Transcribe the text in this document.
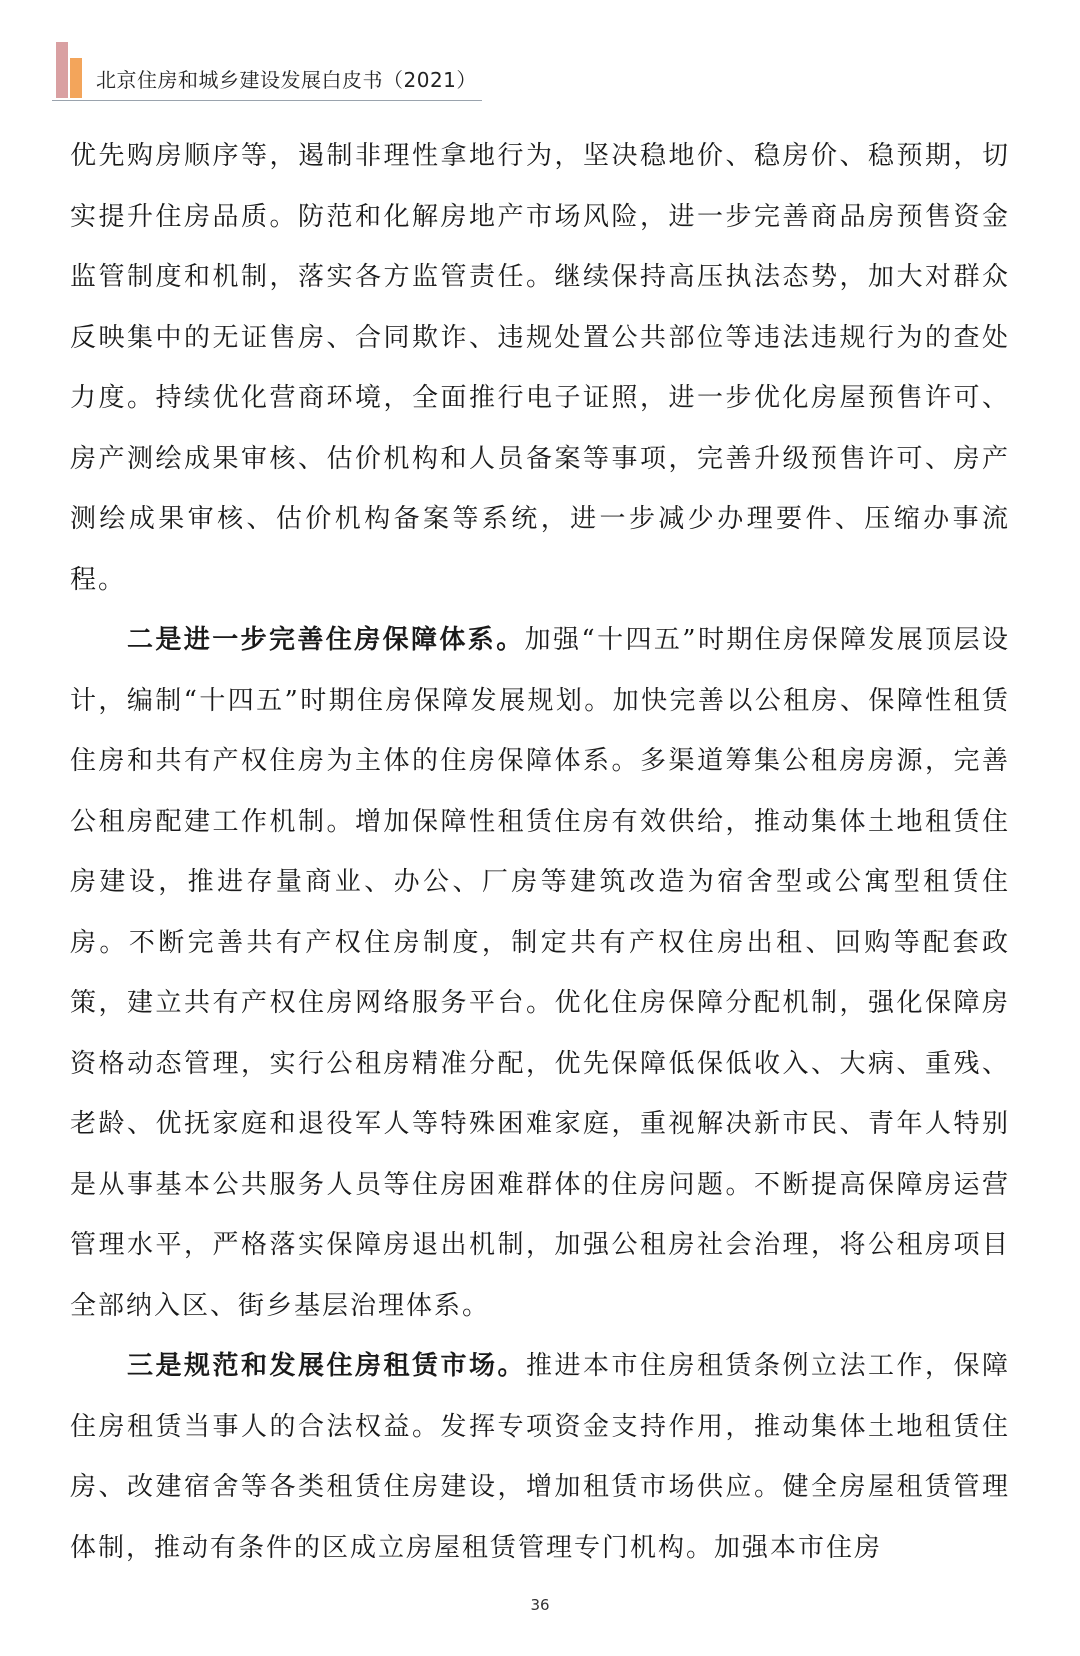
北京住房和城乡建设发展白皮书（2021）

优先购房顺序等，遏制非理性拿地行为，坚决稳地价、稳房价、稳预期，切实提升住房品质。防范和化解房地产市场风险，进一步完善商品房预售资金监管制度和机制，落实各方监管责任。继续保持高压执法态势，加大对群众反映集中的无证售房、合同欺诈、违规处置公共部位等违法违规行为的查处力度。持续优化营商环境，全面推行电子证照，进一步优化房屋预售许可、房产测绘成果审核、估价机构和人员备案等事项，完善升级预售许可、房产测绘成果审核、估价机构备案等系统，进一步减少办理要件、压缩办事流程。

二是进一步完善住房保障体系。加强“十四五”时期住房保障发展顶层设计，编制“十四五”时期住房保障发展规划。加快完善以公租房、保障性租赁住房和共有产权住房为主体的住房保障体系。多渠道筹集公租房房源，完善公租房配建工作机制。增加保障性租赁住房有效供给，推动集体土地租赁住房建设，推进存量商业、办公、厂房等建筑改造为宿舍型或公寓型租赁住房。不断完善共有产权住房制度，制定共有产权住房出租、回购等配套政策，建立共有产权住房网络服务平台。优化住房保障分配机制，强化保障房资格动态管理，实行公租房精准分配，优先保障低保低收入、大病、重残、老龄、优抚家庭和退役军人等特殊困难家庭，重视解决新市民、青年人特别是从事基本公共服务人员等住房困难群体的住房问题。不断提高保障房运营管理水平，严格落实保障房退出机制，加强公租房社会治理，将公租房项目全部纳入区、街乡基层治理体系。

三是规范和发展住房租赁市场。推进本市住房租赁条例立法工作，保障住房租赁当事人的合法权益。发挥专项资金支持作用，推动集体土地租赁住房、改建宿舍等各类租赁住房建设，增加租赁市场供应。健全房屋租赁管理体制，推动有条件的区成立房屋租赁管理专门机构。加强本市住房

36
